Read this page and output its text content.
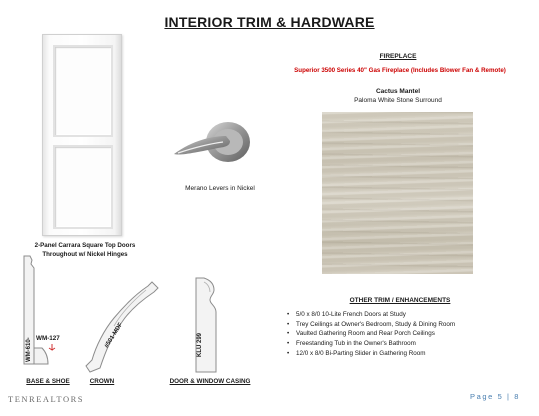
INTERIOR TRIM & HARDWARE
2-Panel Carrara Square Top Doors Throughout w/ Nickel Hinges
Merano Levers in Nickel
FIREPLACE
Superior 3500 Series 40" Gas Fireplace (Includes Blower Fan & Remote)
Cactus Mantel
Paloma White Stone Surround
OTHER TRIM / ENHANCEMENTS
• 5/0 x 8/0 10-Lite French Doors at Study
• Trey Ceilings at Owner's Bedroom, Study & Dining Room
• Vaulted Gathering Room and Rear Porch Ceilings
• Freestanding Tub in the Owner's Bathroom
• 12/0 x 8/0 Bi-Parting Slider in Gathering Room
WM-610- WM-127
BASE & SHOE
#501-MDF
CROWN
KLU 299
DOOR & WINDOW CASING
TENREALTORS	Page 5 | 8
